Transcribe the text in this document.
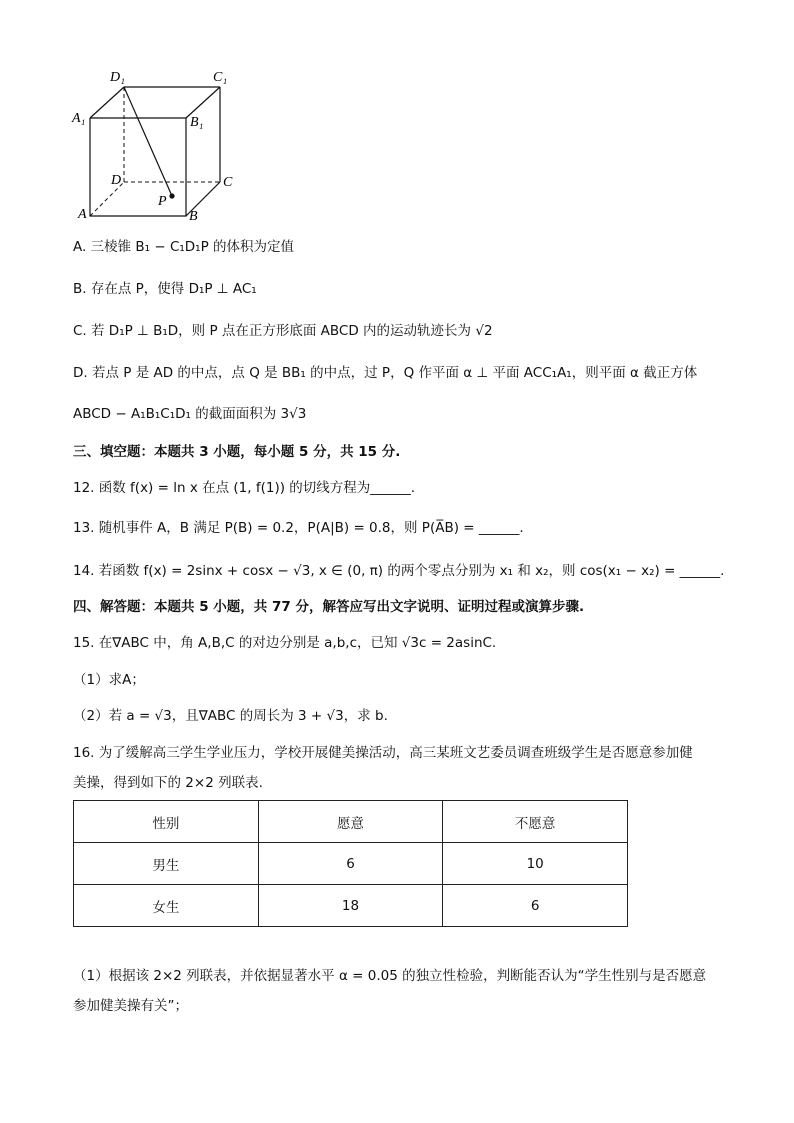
D₁	C₁
A₁	B₁
D	C
A	B
P
A. 三棱锥 B₁ − C₁D₁P 的体积为定值
B. 存在点 P，使得 D₁P ⊥ AC₁
C. 若 D₁P ⊥ B₁D，则 P 点在正方形底面 ABCD 内的运动轨迹长为 √2
D. 若点 P 是 AD 的中点，点 Q 是 BB₁ 的中点，过 P，Q 作平面 α ⊥ 平面 ACC₁A₁，则平面 α 截正方体
ABCD − A₁B₁C₁D₁ 的截面面积为 3√3
三、填空题：本题共 3 小题，每小题 5 分，共 15 分.
12. 函数 f(x) = ln x 在点 (1, f(1)) 的切线方程为______.
13. 随机事件 A，B 满足 P(B) = 0.2，P(A|B) = 0.8，则 P(A̅B) = ______.
14. 若函数 f(x) = 2sinx + cosx − √3, x ∈ (0, π) 的两个零点分别为 x₁ 和 x₂，则 cos(x₁ − x₂) = ______.
四、解答题：本题共 5 小题，共 77 分，解答应写出文字说明、证明过程或演算步骤.
15. 在∇ABC 中，角 A,B,C 的对边分别是 a,b,c，已知 √3c = 2asinC.
（1）求A；
（2）若 a = √3，且∇ABC 的周长为 3 + √3，求 b.
16. 为了缓解高三学生学业压力，学校开展健美操活动，高三某班文艺委员调查班级学生是否愿意参加健
美操，得到如下的 2×2 列联表.
性别	愿意	不愿意
男生	6	10
女生	18	6
（1）根据该 2×2 列联表，并依据显著水平 α = 0.05 的独立性检验，判断能否认为“学生性别与是否愿意
参加健美操有关”；
